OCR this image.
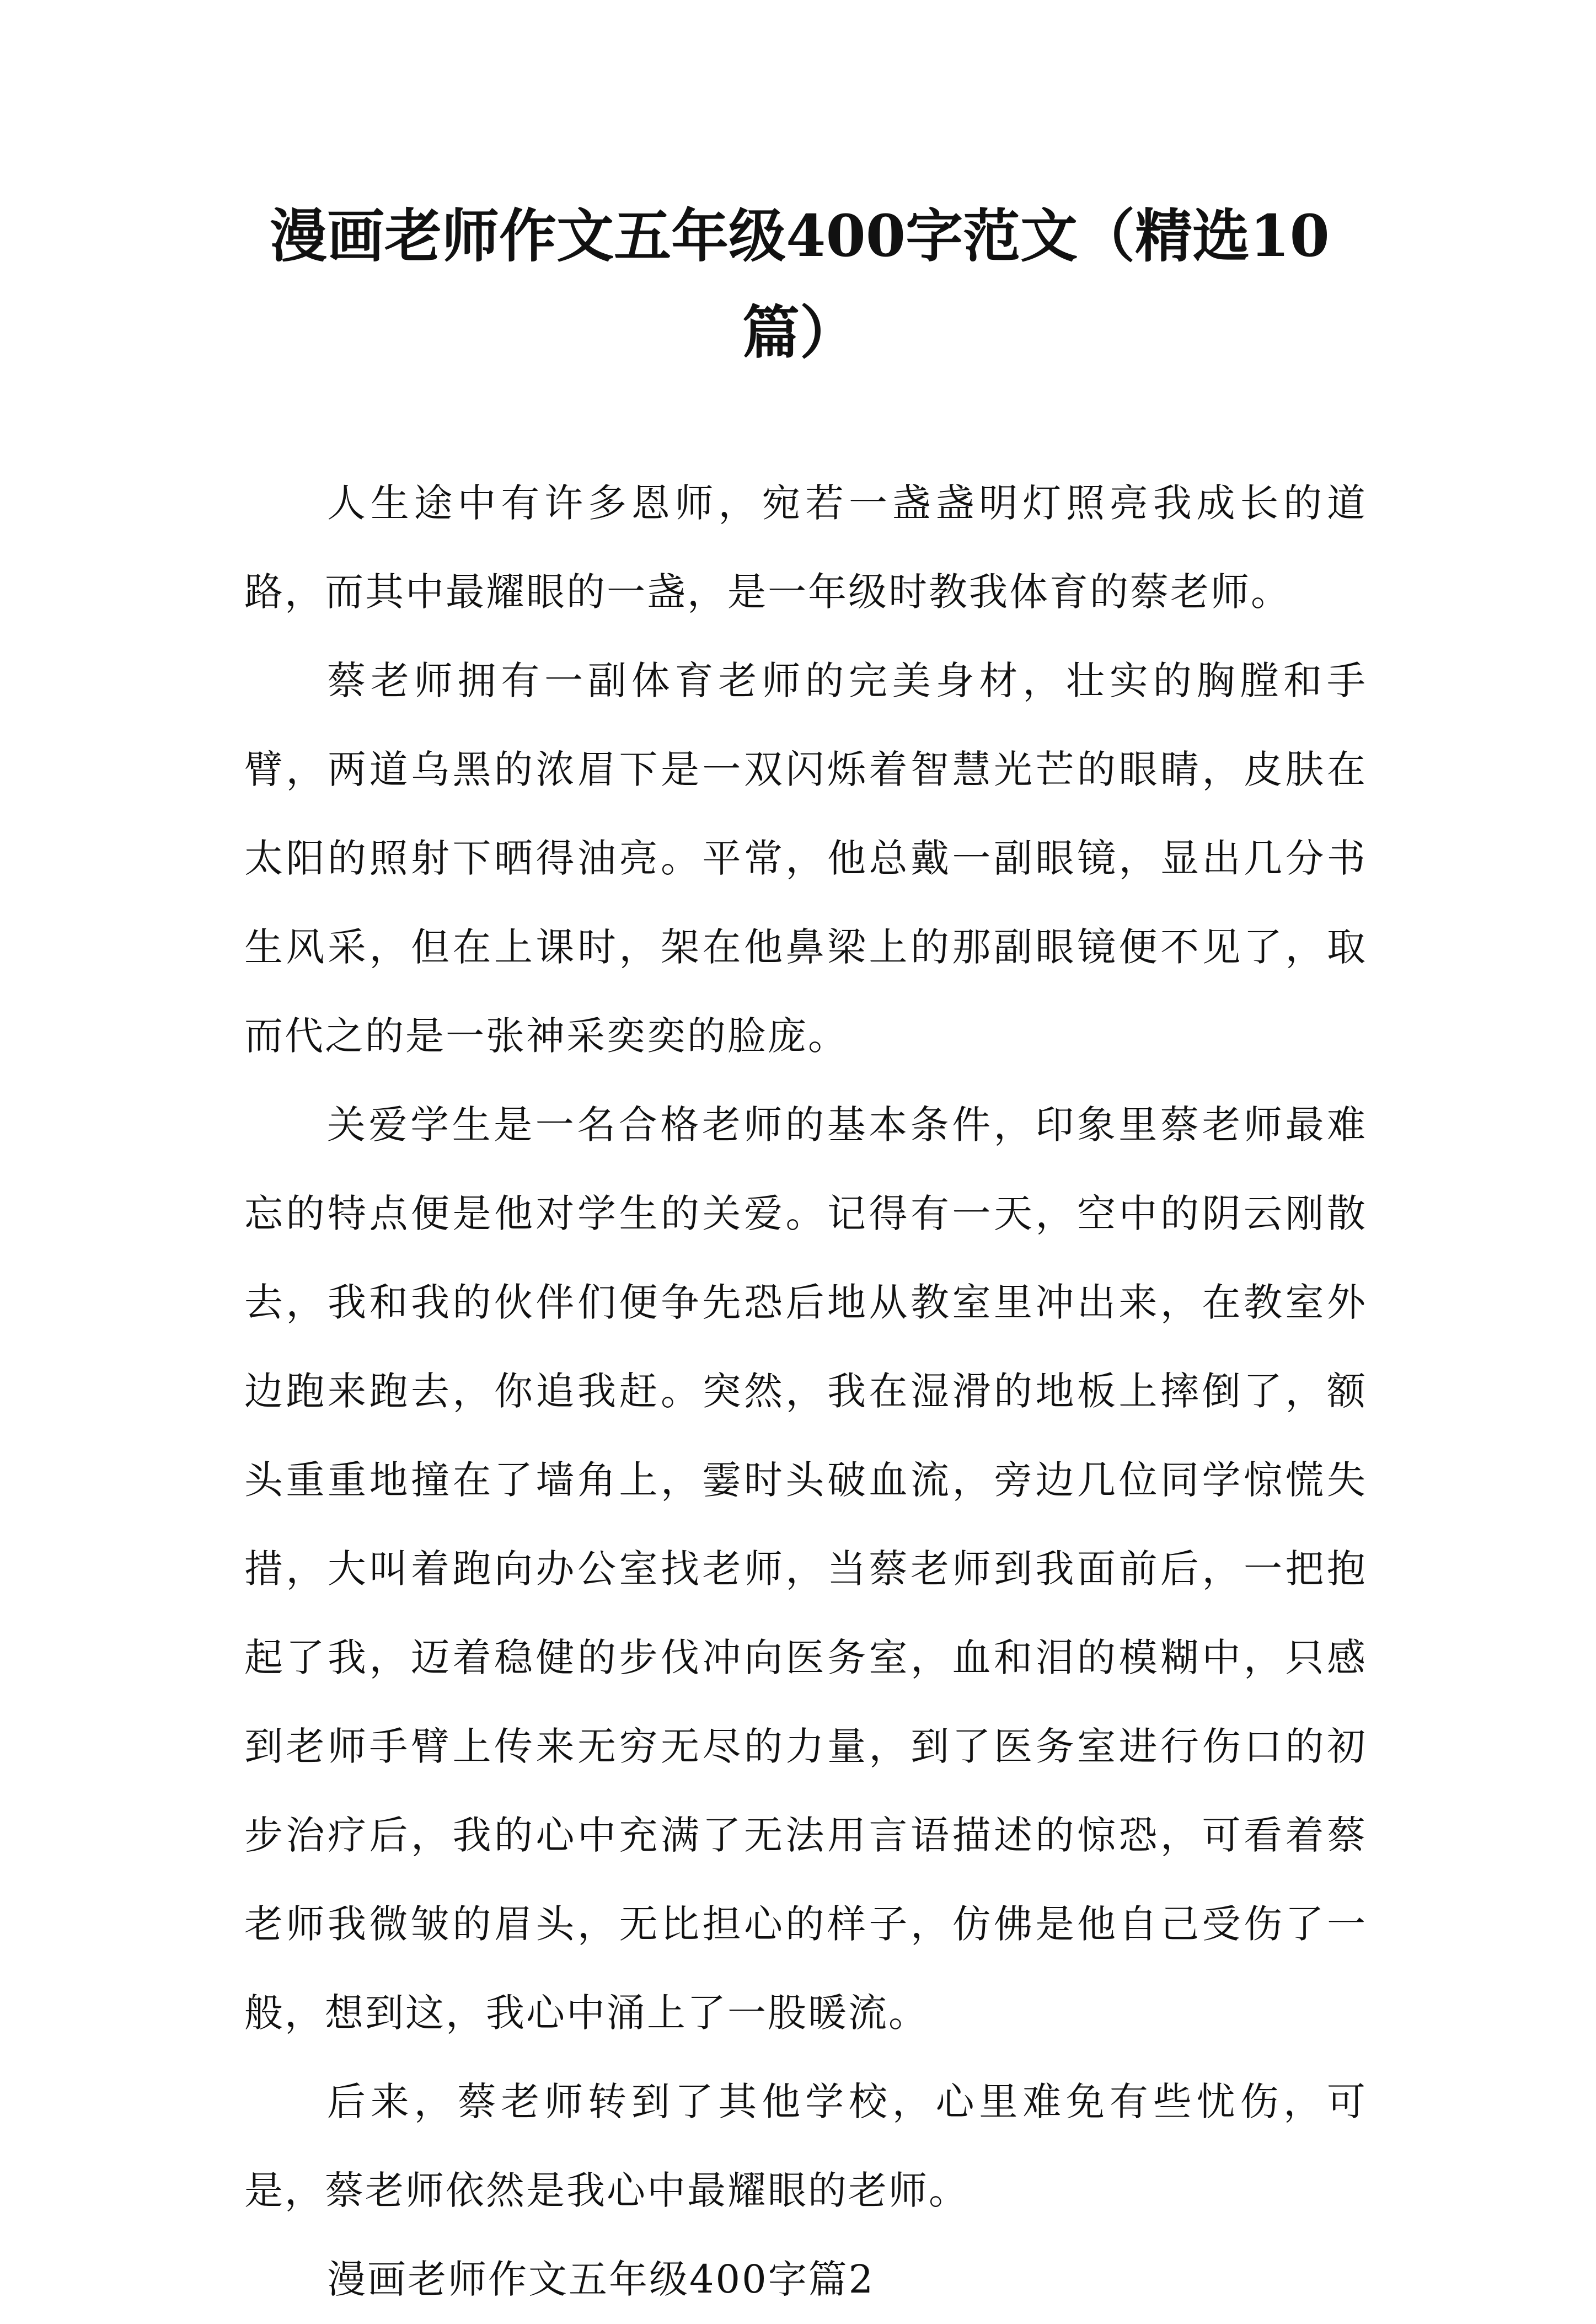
漫画老师作文五年级400字范文（精选10篇）

人生途中有许多恩师，宛若一盏盏明灯照亮我成长的道路，而其中最耀眼的一盏，是一年级时教我体育的蔡老师。

蔡老师拥有一副体育老师的完美身材，壮实的胸膛和手臂，两道乌黑的浓眉下是一双闪烁着智慧光芒的眼睛，皮肤在太阳的照射下晒得油亮。平常，他总戴一副眼镜，显出几分书生风采，但在上课时，架在他鼻梁上的那副眼镜便不见了，取而代之的是一张神采奕奕的脸庞。

关爱学生是一名合格老师的基本条件，印象里蔡老师最难忘的特点便是他对学生的关爱。记得有一天，空中的阴云刚散去，我和我的伙伴们便争先恐后地从教室里冲出来，在教室外边跑来跑去，你追我赶。突然，我在湿滑的地板上摔倒了，额头重重地撞在了墙角上，霎时头破血流，旁边几位同学惊慌失措，大叫着跑向办公室找老师，当蔡老师到我面前后，一把抱起了我，迈着稳健的步伐冲向医务室，血和泪的模糊中，只感到老师手臂上传来无穷无尽的力量，到了医务室进行伤口的初步治疗后，我的心中充满了无法用言语描述的惊恐，可看着蔡老师我微皱的眉头，无比担心的样子，仿佛是他自己受伤了一般，想到这，我心中涌上了一股暖流。

后来，蔡老师转到了其他学校，心里难免有些忧伤，可是，蔡老师依然是我心中最耀眼的老师。

漫画老师作文五年级400字篇2
